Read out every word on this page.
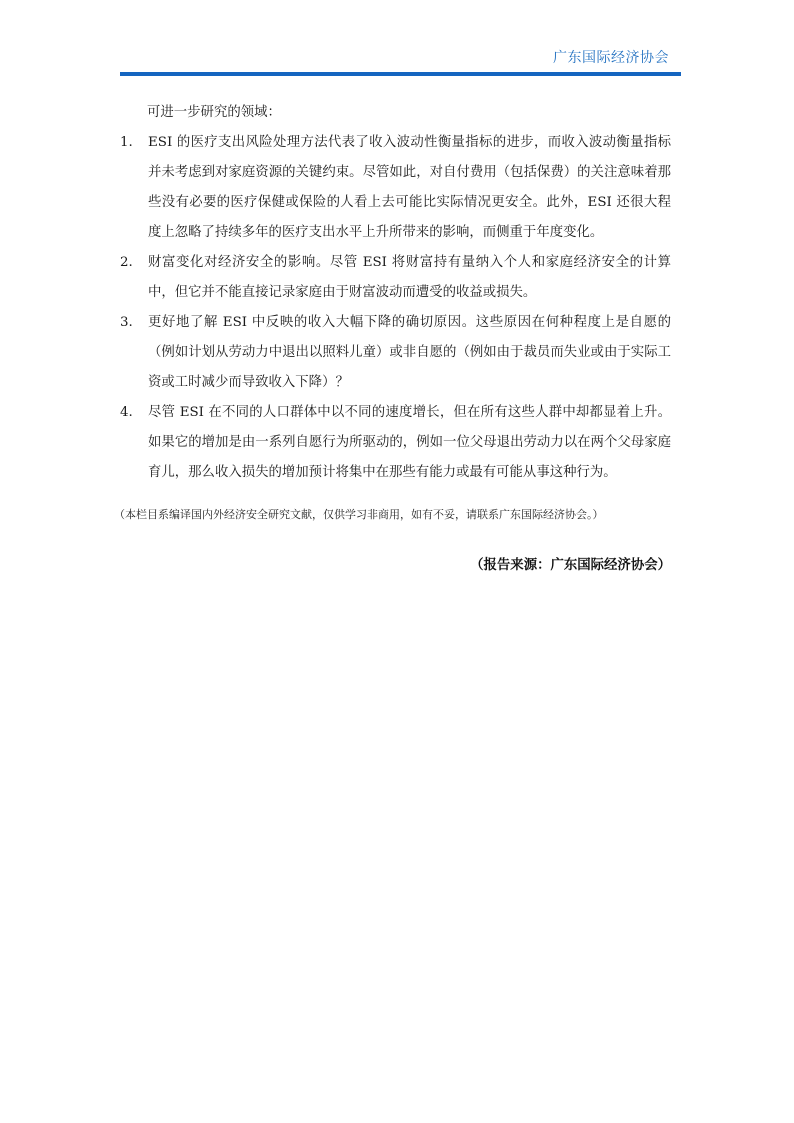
广东国际经济协会

可进一步研究的领域：

1. ESI 的医疗支出风险处理方法代表了收入波动性衡量指标的进步，而收入波动衡量指标并未考虑到对家庭资源的关键约束。尽管如此，对自付费用（包括保费）的关注意味着那些没有必要的医疗保健或保险的人看上去可能比实际情况更安全。此外，ESI 还很大程度上忽略了持续多年的医疗支出水平上升所带来的影响，而侧重于年度变化。
2. 财富变化对经济安全的影响。尽管 ESI 将财富持有量纳入个人和家庭经济安全的计算中，但它并不能直接记录家庭由于财富波动而遭受的收益或损失。
3. 更好地了解 ESI 中反映的收入大幅下降的确切原因。这些原因在何种程度上是自愿的（例如计划从劳动力中退出以照料儿童）或非自愿的（例如由于裁员而失业或由于实际工资或工时减少而导致收入下降）？
4. 尽管 ESI 在不同的人口群体中以不同的速度增长，但在所有这些人群中却都显着上升。如果它的增加是由一系列自愿行为所驱动的，例如一位父母退出劳动力以在两个父母家庭育儿，那么收入损失的增加预计将集中在那些有能力或最有可能从事这种行为。
（本栏目系编译国内外经济安全研究文献，仅供学习非商用，如有不妥，请联系广东国际经济协会。）
（报告来源：广东国际经济协会）
